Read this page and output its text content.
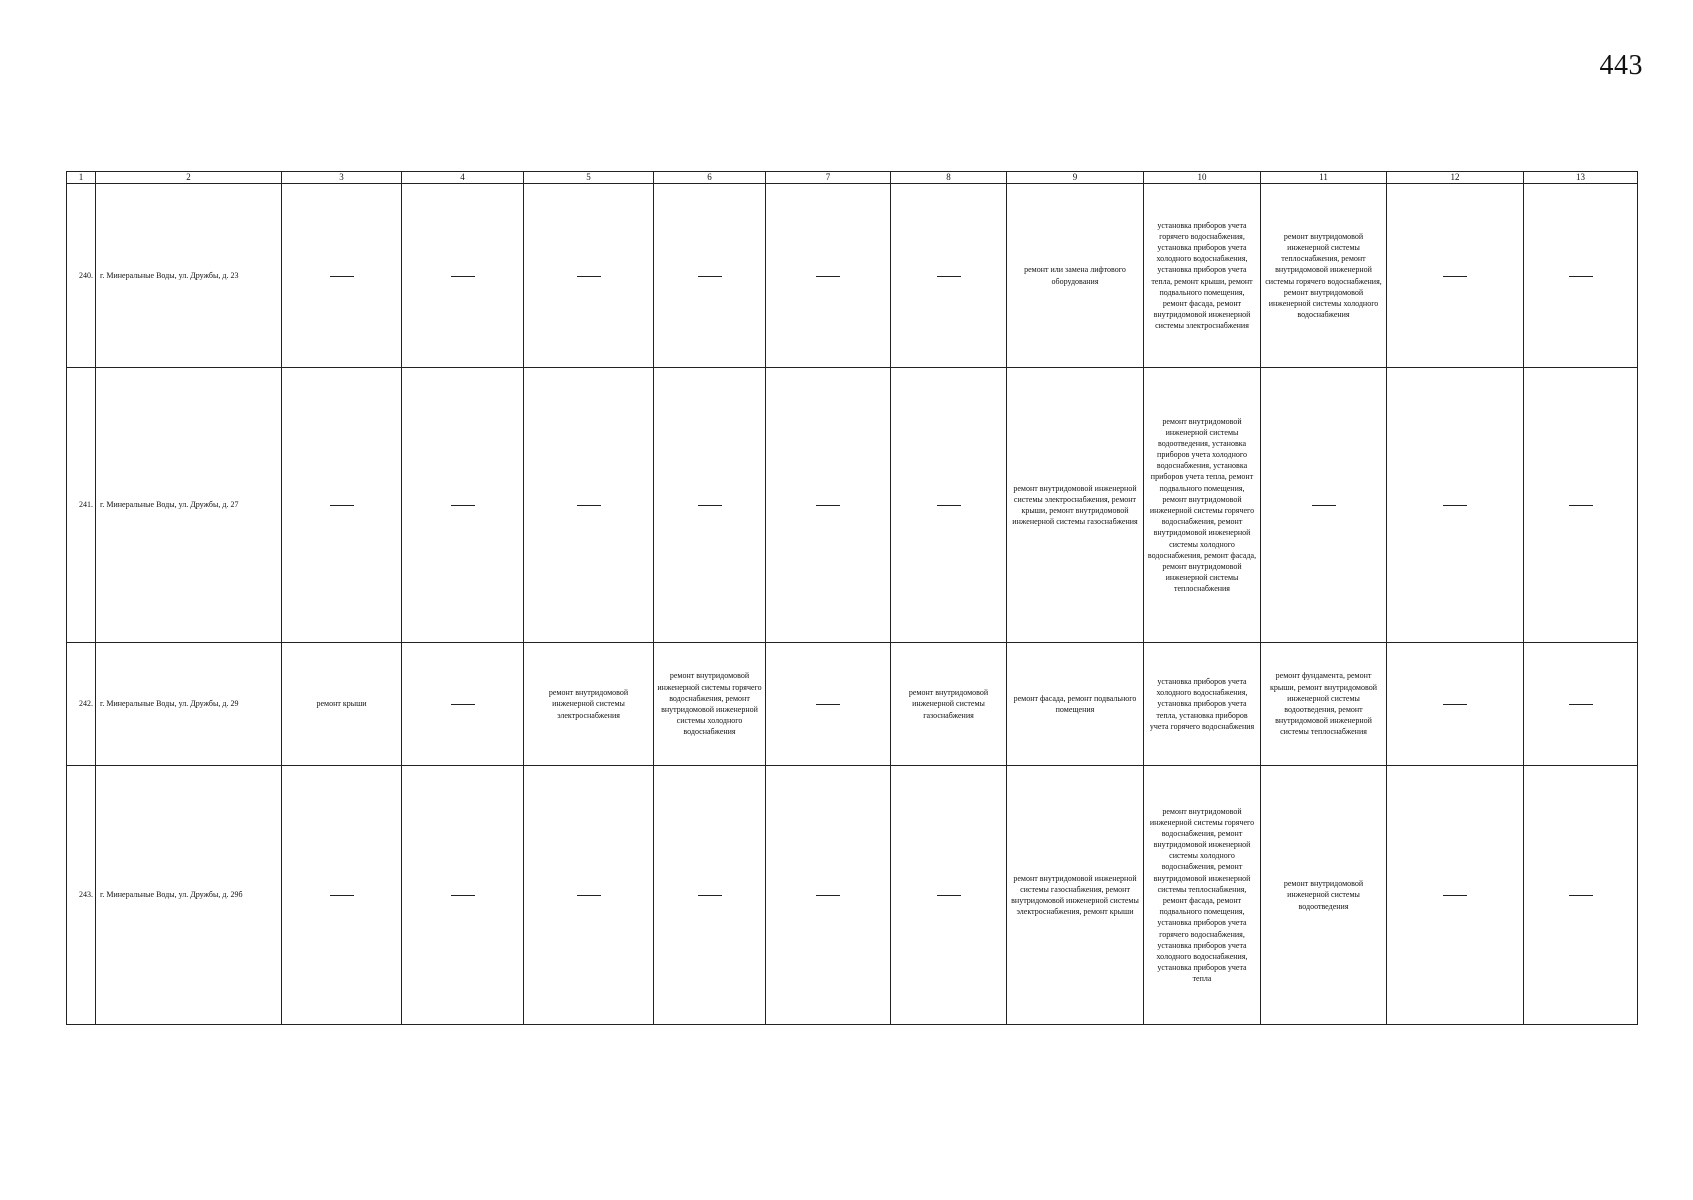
443
1	2	3	4	5	6	7	8	9	10	11	12	13
240.	г. Минеральные Воды, ул. Дружбы, д. 23							ремонт или замена лифтового оборудования	установка приборов учета горячего водоснабжения, установка приборов учета холодного водоснабжения, установка приборов учета тепла, ремонт крыши, ремонт подвального помещения, ремонт фасада, ремонт внутридомовой инженерной системы электроснабжения	ремонт внутридомовой инженерной системы теплоснабжения, ремонт внутридомовой инженерной системы горячего водоснабжения, ремонт внутридомовой инженерной системы холодного водоснабжения		
241.	г. Минеральные Воды, ул. Дружбы, д. 27							ремонт внутридомовой инженерной системы электроснабжения, ремонт крыши, ремонт внутридомовой инженерной системы газоснабжения	ремонт внутридомовой инженерной системы водоотведения, установка приборов учета холодного водоснабжения, установка приборов учета тепла, ремонт подвального помещения, ремонт внутридомовой инженерной системы горячего водоснабжения, ремонт внутридомовой инженерной системы холодного водоснабжения, ремонт фасада, ремонт внутридомовой инженерной системы теплоснабжения			
242.	г. Минеральные Воды, ул. Дружбы, д. 29	ремонт крыши		ремонт внутридомовой инженерной системы электроснабжения	ремонт внутридомовой инженерной системы горячего водоснабжения, ремонт внутридомовой инженерной системы холодного водоснабжения		ремонт внутридомовой инженерной системы газоснабжения	ремонт фасада, ремонт подвального помещения	установка приборов учета холодного водоснабжения, установка приборов учета тепла, установка приборов учета горячего водоснабжения	ремонт фундамента, ремонт крыши, ремонт внутридомовой инженерной системы водоотведения, ремонт внутридомовой инженерной системы теплоснабжения		
243.	г. Минеральные Воды, ул. Дружбы, д. 29б							ремонт внутридомовой инженерной системы газоснабжения, ремонт внутридомовой инженерной системы электроснабжения, ремонт крыши	ремонт внутридомовой инженерной системы горячего водоснабжения, ремонт внутридомовой инженерной системы холодного водоснабжения, ремонт внутридомовой инженерной системы теплоснабжения, ремонт фасада, ремонт подвального помещения, установка приборов учета горячего водоснабжения, установка приборов учета холодного водоснабжения, установка приборов учета тепла	ремонт внутридомовой инженерной системы водоотведения		
